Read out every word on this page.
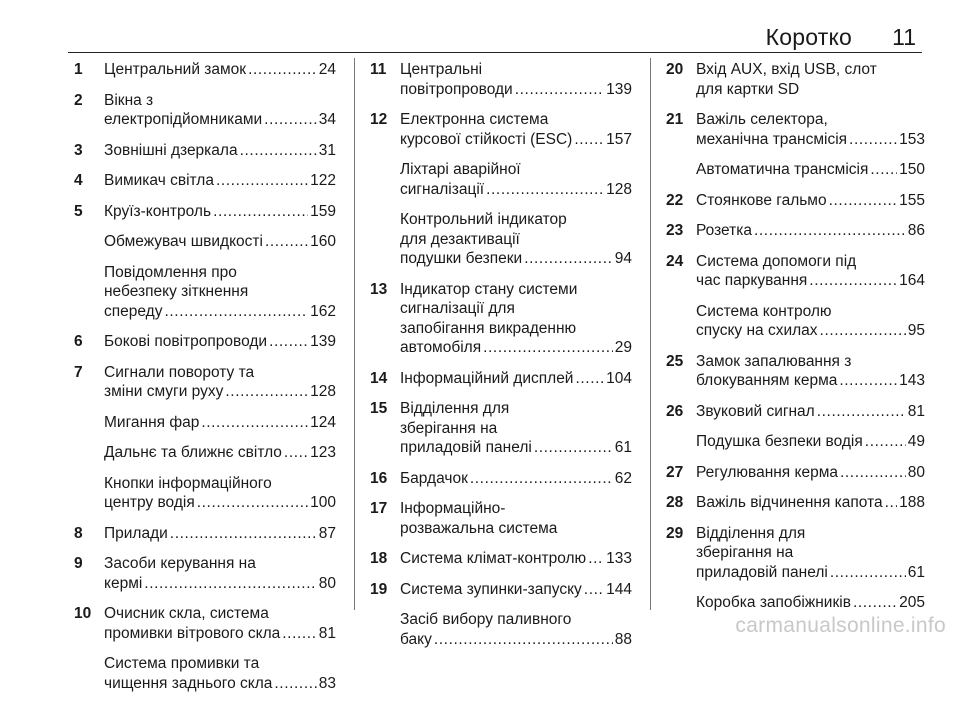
Коротко 11
1 Центральний замок .....	24
2 Вікна з
електропідйомниками .....	34
3 Зовнішні дзеркала .....	31
4 Вимикач світла .....	122
5 Круїз-контроль .....	159
Обмежувач швидкості .....	160
Повідомлення про
небезпеку зіткнення
спереду .....	162
6 Бокові повітропроводи .....	139
7 Сигнали повороту та
зміни смуги руху .....	128
Мигання фар .....	124
Дальнє та ближнє світло ..... 123
Кнопки інформаційного
центру водія .....	100
8 Прилади .....	87
9 Засоби керування на
кермі .....	80
10 Очисник скла, система
промивки вітрового скла ..... 81
Система промивки та
чищення заднього скла .....	83
11 Центральні
повітропроводи .....	139
12 Електронна система
курсової стійкості (ESC) ..... 157
Ліхтарі аварійної
сигналізації .....	128
Контрольний індикатор
для дезактивації
подушки безпеки .....	94
13 Індикатор стану системи
сигналізації для
запобігання викраденню
автомобіля .....	29
14 Інформаційний дисплей ..... 104
15 Відділення для
зберігання на
приладовій панелі .....	61
16 Бардачок .....	62
17 Інформаційно-
розважальна система
18 Система клімат-контролю ..... 133
19 Система зупинки-запуску ..... 144
Засіб вибору паливного
баку .....	88
20 Вхід AUX, вхід USB, слот
для картки SD
21 Важіль селектора,
механічна трансмісія .....	153
Автоматична трансмісія ..... 150
22 Стоянкове гальмо .....	155
23 Розетка .....	86
24 Система допомоги під
час паркування .....	164
Система контролю
спуску на схилах .....	95
25 Замок запалювання з
блокуванням керма .....	143
26 Звуковий сигнал .....	81
Подушка безпеки водія .....	49
27 Регулювання керма .....	80
28 Важіль відчинення капота ..... 188
29 Відділення для
зберігання на
приладовій панелі .....	61
Коробка запобіжників .....	205
carmanualsonline.info
